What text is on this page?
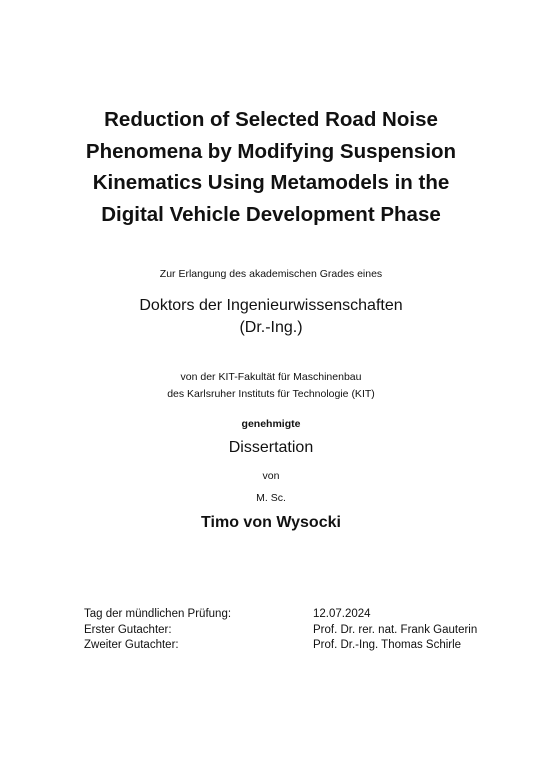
Reduction of Selected Road Noise
Phenomena by Modifying Suspension
Kinematics Using Metamodels in the
Digital Vehicle Development Phase
Zur Erlangung des akademischen Grades eines
Doktors der Ingenieurwissenschaften
(Dr.-Ing.)
von der KIT-Fakultät für Maschinenbau
des Karlsruher Instituts für Technologie (KIT)
genehmigte
Dissertation
von
M. Sc.
Timo von Wysocki
Tag der mündlichen Prüfung:	12.07.2024
Erster Gutachter:	Prof. Dr. rer. nat. Frank Gauterin
Zweiter Gutachter:	Prof. Dr.-Ing. Thomas Schirle
